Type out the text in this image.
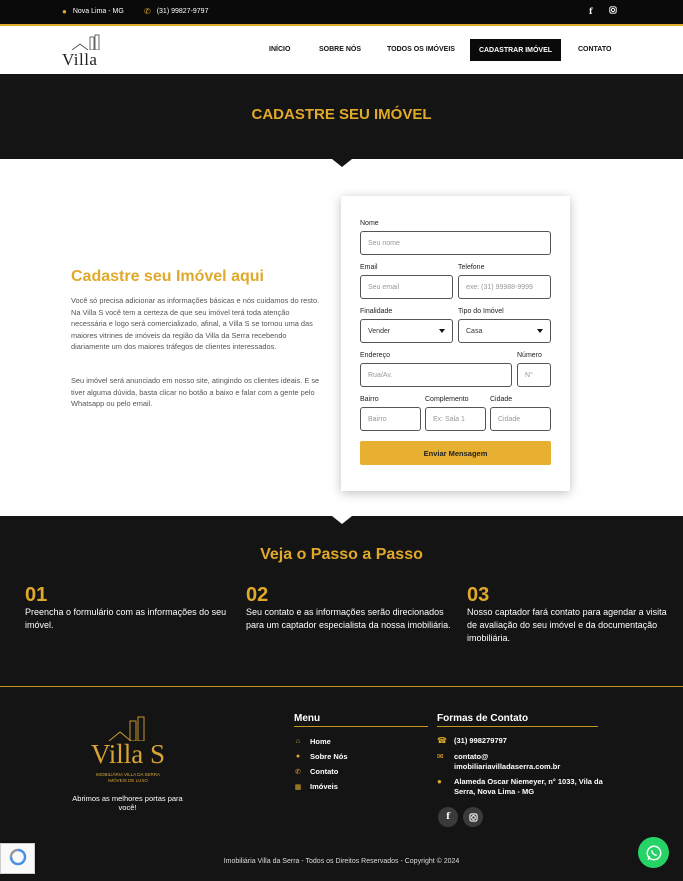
● Nova Lima - MG	✆ (31) 99827-9797	f
Villa
INÍCIO	SOBRE NÓS	TODOS OS IMÓVEIS	CADASTRAR IMÓVEL	CONTATO
CADASTRE SEU IMÓVEL
Cadastre seu Imóvel aqui

Você só precisa adicionar as informações básicas e nós cuidamos do resto. Na Villa S você tem a certeza de que seu imóvel terá toda atenção necessária e logo será comercializado, afinal, a Villa S se tornou uma das maiores vitrines de imóveis da região da Villa da Serra recebendo diariamente um dos maiores tráfegos de clientes interessados.

Seu imóvel será anunciado em nosso site, atingindo os clientes ideais. E se tiver alguma dúvida, basta clicar no botão a baixo e falar com a gente pelo Whatsapp ou pelo email.

Nome
Seu nome
Email
Seu email
Telefone
exe: (31) 99988-9999
Finalidade
Vender
Tipo do Imóvel
Casa
Endereço
Rua/Av.
Número
N°
Bairro
Bairro
Complemento
Ex: Sala 1
Cidade
Cidade
Enviar Mensagem
Veja o Passo a Passo
01
Preencha o formulário com as informações do seu imóvel.
02
Seu contato e as informações serão direcionados para um captador especialista da nossa imobiliária.
03
Nosso captador fará contato para agendar a visita de avaliação do seu imóvel e da documentação imobiliária.
Villa S
IMOBILIÁRIA VILLA DA SERRA
IMÓVEIS DE LUXO
Abrimos as melhores portas para você!
Menu
⌂ Home
● Sobre Nós
✆ Contato
▦ Imóveis
Formas de Contato
☎ (31) 998279797
✉ contato@
imobiliariavilladaserra.com.br
● Alameda Oscar Niemeyer, n° 1033, Vila da Serra, Nova Lima - MG
f
Imobiliária Villa da Serra - Todos os Direitos Reservados - Copyright © 2024
